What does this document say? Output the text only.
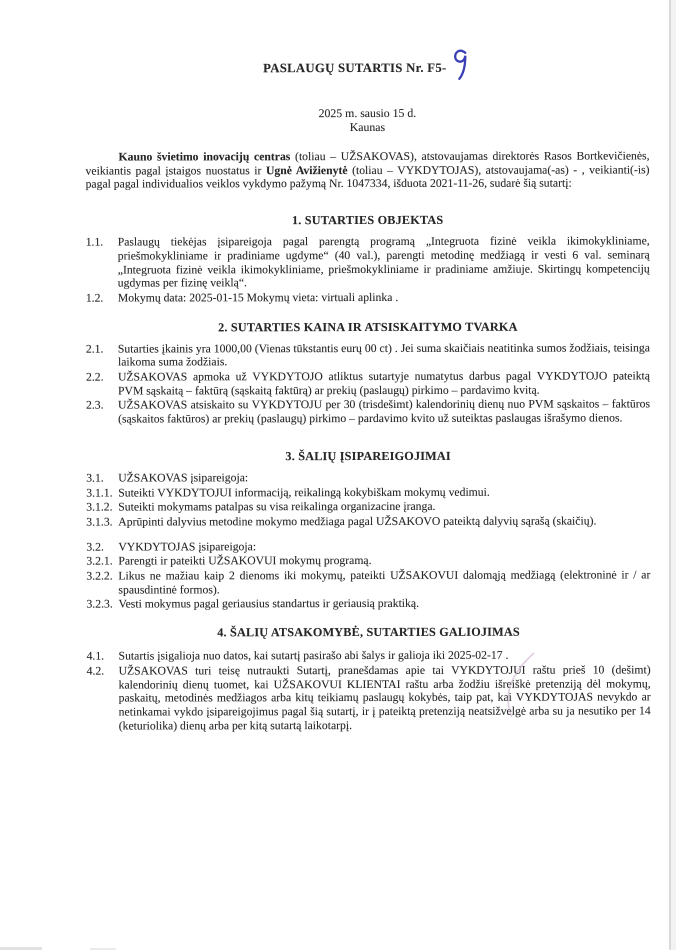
PASLAUGŲ SUTARTIS Nr. F5-
2025 m. sausio 15 d.
Kaunas
Kauno švietimo inovacijų centras (toliau – UŽSAKOVAS), atstovaujamas direktorės Rasos Bortkevičienės, veikiantis pagal įstaigos nuostatus ir Ugnė Avižienytė (toliau – VYKDYTOJAS), atstovaujama(-as) - , veikianti(-is) pagal pagal individualios veiklos vykdymo pažymą Nr. 1047334, išduota 2021-11-26, sudarė šią sutartį:
1. SUTARTIES OBJEKTAS
1.1.	Paslaugų tiekėjas įsipareigoja pagal parengtą programą „Integruota fizinė veikla ikimokykliniame, priešmokykliniame ir pradiniame ugdyme“ (40 val.), parengti metodinę medžiagą ir vesti 6 val. seminarą „Integruota fizinė veikla ikimokykliniame, priešmokykliniame ir pradiniame amžiuje. Skirtingų kompetencijų ugdymas per fizinę veiklą“.
1.2.	Mokymų data: 2025-01-15 Mokymų vieta: virtuali aplinka .
2. SUTARTIES KAINA IR ATSISKAITYMO TVARKA
2.1.	Sutarties įkainis yra 1000,00 (Vienas tūkstantis eurų 00 ct) . Jei suma skaičiais neatitinka sumos žodžiais, teisinga laikoma suma žodžiais.
2.2.	UŽSAKOVAS apmoka už VYKDYTOJO atliktus sutartyje numatytus darbus pagal VYKDYTOJO pateiktą PVM sąskaitą – faktūrą (sąskaitą faktūrą) ar prekių (paslaugų) pirkimo – pardavimo kvitą.
2.3.	UŽSAKOVAS atsiskaito su VYKDYTOJU per 30 (trisdešimt) kalendorinių dienų nuo PVM sąskaitos – faktūros (sąskaitos faktūros) ar prekių (paslaugų) pirkimo – pardavimo kvito už suteiktas paslaugas išrašymo dienos.
3. ŠALIŲ ĮSIPAREIGOJIMAI
3.1.	UŽSAKOVAS įsipareigoja:
3.1.1. Suteikti VYKDYTOJUI informaciją, reikalingą kokybiškam mokymų vedimui.
3.1.2. Suteikti mokymams patalpas su visa reikalinga organizacine įranga.
3.1.3. Aprūpinti dalyvius metodine mokymo medžiaga pagal UŽSAKOVO pateiktą dalyvių sąrašą (skaičių).
3.2.	VYKDYTOJAS įsipareigoja:
3.2.1. Parengti ir pateikti UŽSAKOVUI mokymų programą.
3.2.2. Likus ne mažiau kaip 2 dienoms iki mokymų, pateikti UŽSAKOVUI dalomąją medžiagą (elektroninė ir / ar spausdintinė formos).
3.2.3. Vesti mokymus pagal geriausius standartus ir geriausią praktiką.
4. ŠALIŲ ATSAKOMYBĖ, SUTARTIES GALIOJIMAS
4.1.	Sutartis įsigalioja nuo datos, kai sutartį pasirašo abi šalys ir galioja iki 2025-02-17 .
4.2.	UŽSAKOVAS turi teisę nutraukti Sutartį, pranešdamas apie tai VYKDYTOJUI raštu prieš 10 (dešimt) kalendorinių dienų tuomet, kai UŽSAKOVUI KLIENTAI raštu arba žodžiu išreiškė pretenziją dėl mokymų, paskaitų, metodinės medžiagos arba kitų teikiamų paslaugų kokybės, taip pat, kai VYKDYTOJAS nevykdo ar netinkamai vykdo įsipareigojimus pagal šią sutartį, ir į pateiktą pretenziją neatsižvelgė arba su ja nesutiko per 14 (keturiolika) dienų arba per kitą sutartą laikotarpį.
